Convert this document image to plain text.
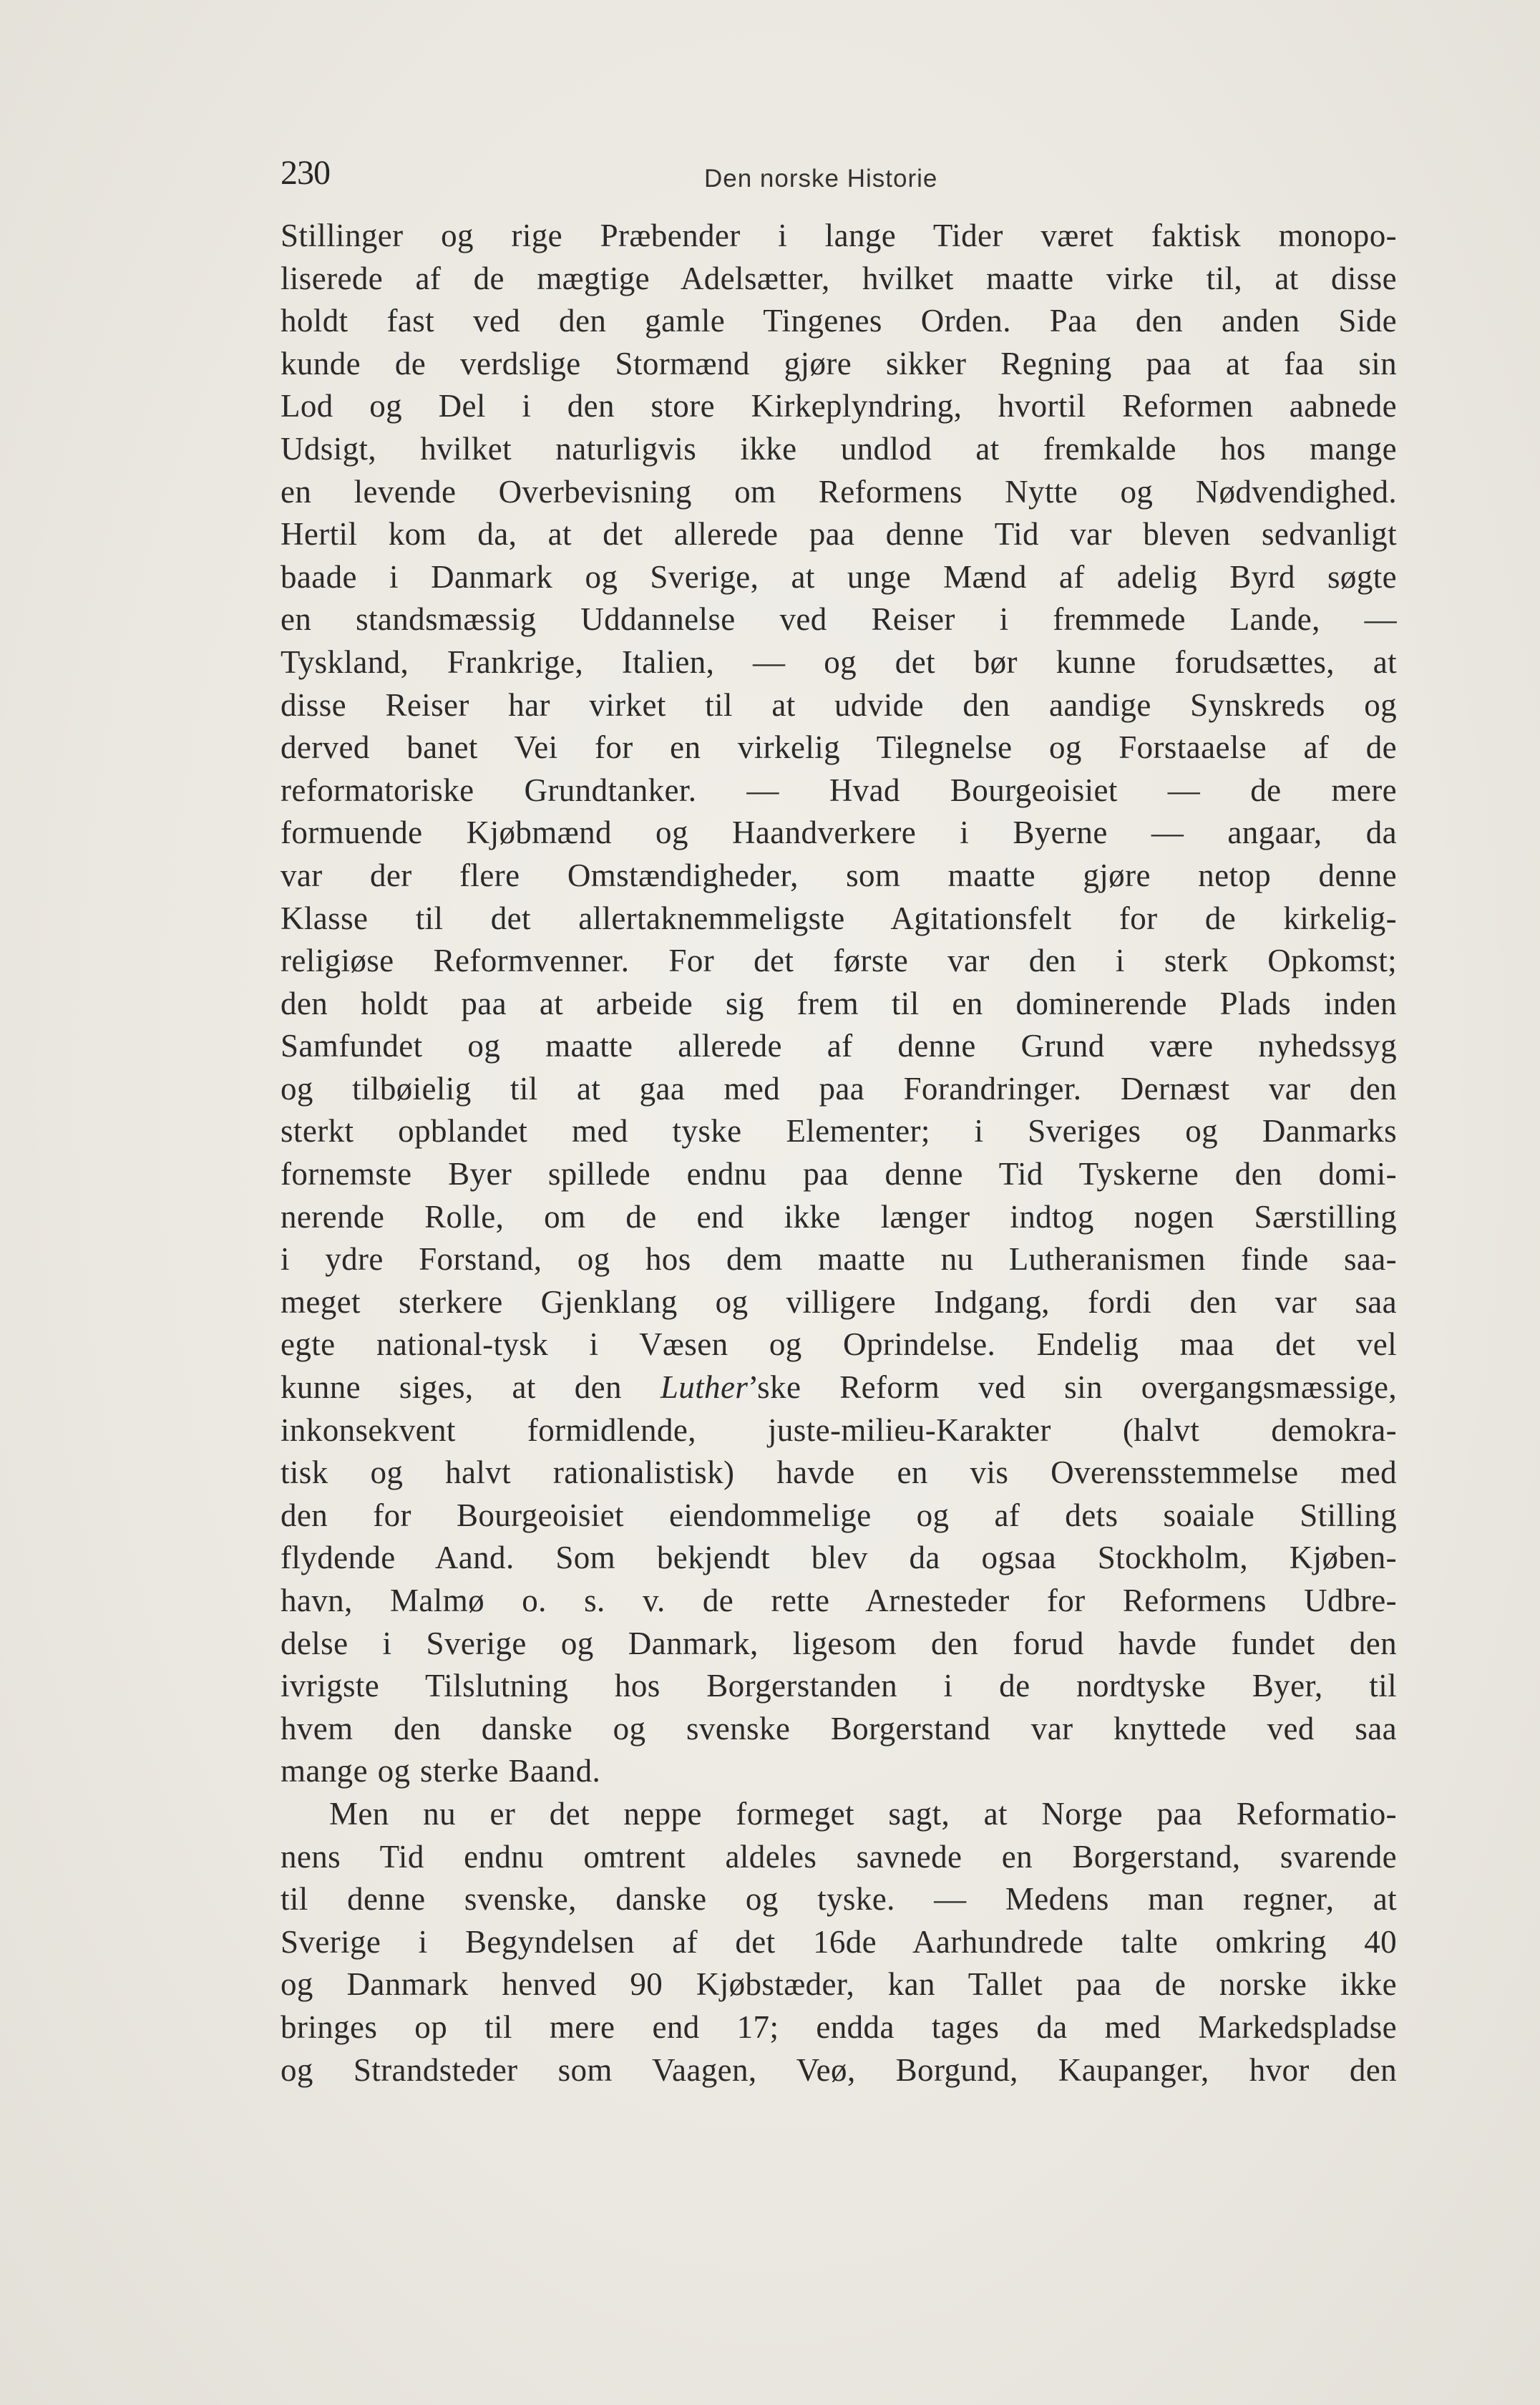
230	Den norske Historie
Stillinger og rige Præbender i lange Tider været faktisk monopo-
liserede af de mægtige Adelsætter, hvilket maatte virke til, at disse
holdt fast ved den gamle Tingenes Orden. Paa den anden Side
kunde de verdslige Stormænd gjøre sikker Regning paa at faa sin
Lod og Del i den store Kirkeplyndring, hvortil Reformen aabnede
Udsigt, hvilket naturligvis ikke undlod at fremkalde hos mange
en levende Overbevisning om Reformens Nytte og Nødvendighed.
Hertil kom da, at det allerede paa denne Tid var bleven sedvanligt
baade i Danmark og Sverige, at unge Mænd af adelig Byrd søgte
en standsmæssig Uddannelse ved Reiser i fremmede Lande, —
Tyskland, Frankrige, Italien, — og det bør kunne forudsættes, at
disse Reiser har virket til at udvide den aandige Synskreds og
derved banet Vei for en virkelig Tilegnelse og Forstaaelse af de
reformatoriske Grundtanker. — Hvad Bourgeoisiet — de mere
formuende Kjøbmænd og Haandverkere i Byerne — angaar, da
var der flere Omstændigheder, som maatte gjøre netop denne
Klasse til det allertaknemmeligste Agitationsfelt for de kirkelig-
religiøse Reformvenner. For det første var den i sterk Opkomst;
den holdt paa at arbeide sig frem til en dominerende Plads inden
Samfundet og maatte allerede af denne Grund være nyhedssyg
og tilbøielig til at gaa med paa Forandringer. Dernæst var den
sterkt opblandet med tyske Elementer; i Sveriges og Danmarks
fornemste Byer spillede endnu paa denne Tid Tyskerne den domi-
nerende Rolle, om de end ikke længer indtog nogen Særstilling
i ydre Forstand, og hos dem maatte nu Lutheranismen finde saa-
meget sterkere Gjenklang og villigere Indgang, fordi den var saa
egte national-tysk i Væsen og Oprindelse. Endelig maa det vel
kunne siges, at den Luther’ske Reform ved sin overgangsmæssige,
inkonsekvent formidlende, juste-milieu-Karakter (halvt demokra-
tisk og halvt rationalistisk) havde en vis Overensstemmelse med
den for Bourgeoisiet eiendommelige og af dets soaiale Stilling
flydende Aand. Som bekjendt blev da ogsaa Stockholm, Kjøben-
havn, Malmø o. s. v. de rette Arnesteder for Reformens Udbre-
delse i Sverige og Danmark, ligesom den forud havde fundet den
ivrigste Tilslutning hos Borgerstanden i de nordtyske Byer, til
hvem den danske og svenske Borgerstand var knyttede ved saa
mange og sterke Baand.
Men nu er det neppe formeget sagt, at Norge paa Reformatio-
nens Tid endnu omtrent aldeles savnede en Borgerstand, svarende
til denne svenske, danske og tyske. — Medens man regner, at
Sverige i Begyndelsen af det 16de Aarhundrede talte omkring 40
og Danmark henved 90 Kjøbstæder, kan Tallet paa de norske ikke
bringes op til mere end 17; endda tages da med Markedspladse
og Strandsteder som Vaagen, Veø, Borgund, Kaupanger, hvor den
